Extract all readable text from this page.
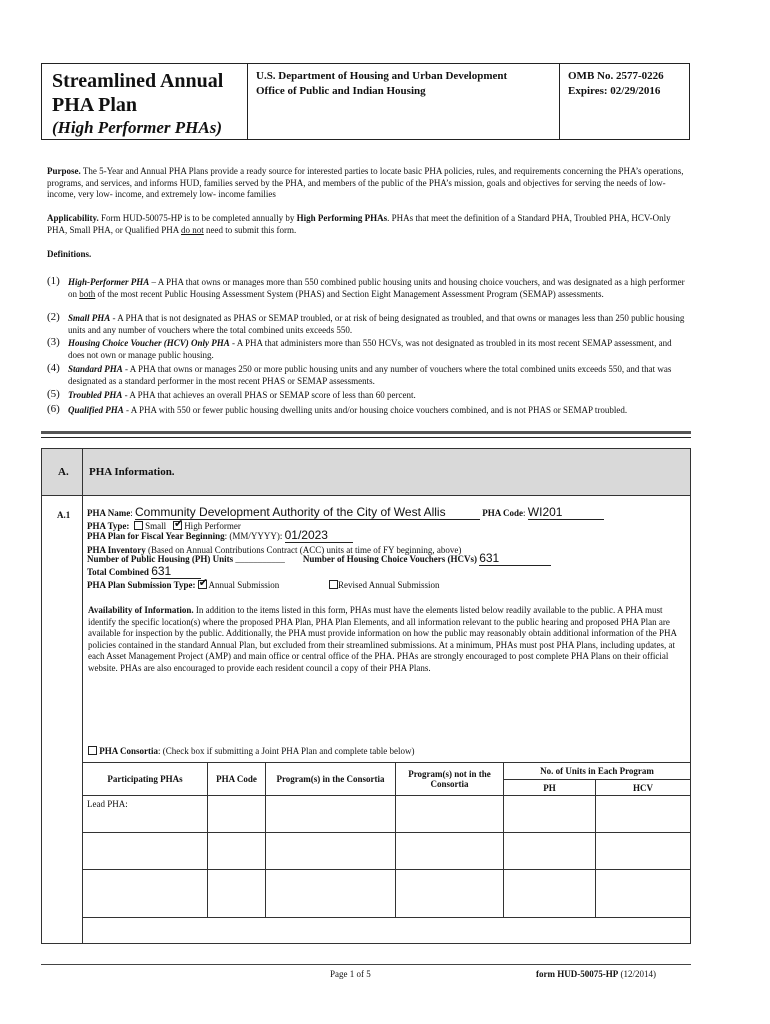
Streamlined Annual
PHA Plan
(High Performer PHAs)
U.S. Department of Housing and Urban Development
Office of Public and Indian Housing
OMB No. 2577-0226
Expires: 02/29/2016
Purpose. The 5-Year and Annual PHA Plans provide a ready source for interested parties to locate basic PHA policies, rules, and requirements concerning the PHA’s operations, programs, and services, and informs HUD, families served by the PHA, and members of the public of the PHA’s mission, goals and objectives for serving the needs of low- income, very low- income, and extremely low- income families
Applicability. Form HUD-50075-HP is to be completed annually by High Performing PHAs. PHAs that meet the definition of a Standard PHA, Troubled PHA, HCV-Only PHA, Small PHA, or Qualified PHA do not need to submit this form.
Definitions.
(1) High-Performer PHA – A PHA that owns or manages more than 550 combined public housing units and housing choice vouchers, and was designated as a high performer on both of the most recent Public Housing Assessment System (PHAS) and Section Eight Management Assessment Program (SEMAP) assessments.
(2) Small PHA - A PHA that is not designated as PHAS or SEMAP troubled, or at risk of being designated as troubled, and that owns or manages less than 250 public housing units and any number of vouchers where the total combined units exceeds 550.
(3) Housing Choice Voucher (HCV) Only PHA - A PHA that administers more than 550 HCVs, was not designated as troubled in its most recent SEMAP assessment, and does not own or manage public housing.
(4) Standard PHA - A PHA that owns or manages 250 or more public housing units and any number of vouchers where the total combined units exceeds 550, and that was designated as a standard performer in the most recent PHAS or SEMAP assessments.
(5) Troubled PHA - A PHA that achieves an overall PHAS or SEMAP score of less than 60 percent.
(6) Qualified PHA - A PHA with 550 or fewer public housing dwelling units and/or housing choice vouchers combined, and is not PHAS or SEMAP troubled.
A. PHA Information.
A.1 PHA Name: Community Development Authority of the City of West Allis	PHA Code: WI201
PHA Type: Small ✔ High Performer
PHA Plan for Fiscal Year Beginning: (MM/YYYY): 01/2023
PHA Inventory (Based on Annual Contributions Contract (ACC) units at time of FY beginning, above)
Number of Public Housing (PH) Units ___________ Number of Housing Choice Vouchers (HCVs) 631
Total Combined 631
PHA Plan Submission Type: ✔ Annual Submission	Revised Annual Submission
Availability of Information. In addition to the items listed in this form, PHAs must have the elements listed below readily available to the public. A PHA must identify the specific location(s) where the proposed PHA Plan, PHA Plan Elements, and all information relevant to the public hearing and proposed PHA Plan are available for inspection by the public. Additionally, the PHA must provide information on how the public may reasonably obtain additional information of the PHA policies contained in the standard Annual Plan, but excluded from their streamlined submissions. At a minimum, PHAs must post PHA Plans, including updates, at each Asset Management Project (AMP) and main office or central office of the PHA. PHAs are strongly encouraged to post complete PHA Plans on their official website. PHAs are also encouraged to provide each resident council a copy of their PHA Plans.
PHA Consortia: (Check box if submitting a Joint PHA Plan and complete table below)
Participating PHAs	PHA Code	Program(s) in the Consortia	Program(s) not in the Consortia	No. of Units in Each Program	
				PH	HCV
Lead PHA:					

Page 1 of 5	form HUD-50075-HP (12/2014)
